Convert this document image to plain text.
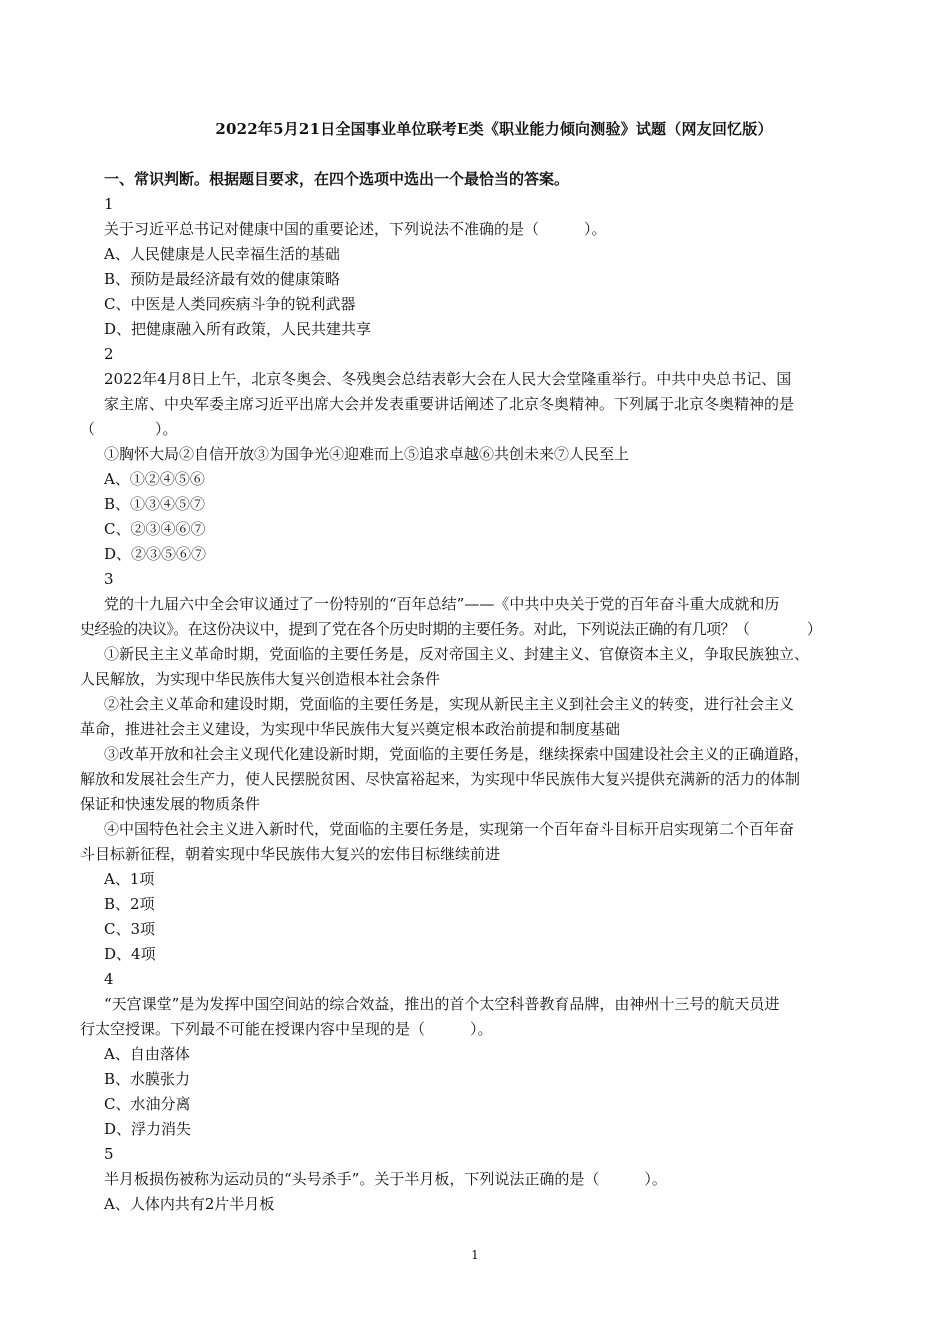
2022年5月21日全国事业单位联考E类《职业能力倾向测验》试题（网友回忆版）
一、常识判断。根据题目要求，在四个选项中选出一个最恰当的答案。
1
关于习近平总书记对健康中国的重要论述，下列说法不准确的是（　　　）。
A、人民健康是人民幸福生活的基础
B、预防是最经济最有效的健康策略
C、中医是人类同疾病斗争的锐利武器
D、把健康融入所有政策，人民共建共享
2
2022年4月8日上午，北京冬奥会、冬残奥会总结表彰大会在人民大会堂隆重举行。中共中央总书记、国
家主席、中央军委主席习近平出席大会并发表重要讲话阐述了北京冬奥精神。下列属于北京冬奥精神的是
（　　　　）。
①胸怀大局②自信开放③为国争光④迎难而上⑤追求卓越⑥共创未来⑦人民至上
A、①②④⑤⑥
B、①③④⑤⑦
C、②③④⑥⑦
D、②③⑤⑥⑦
3
党的十九届六中全会审议通过了一份特别的“百年总结”——《中共中央关于党的百年奋斗重大成就和历
史经验的决议》。在这份决议中，提到了党在各个历史时期的主要任务。对此，下列说法正确的有几项？（　　　　）
①新民主主义革命时期，党面临的主要任务是，反对帝国主义、封建主义、官僚资本主义，争取民族独立、
人民解放，为实现中华民族伟大复兴创造根本社会条件
②社会主义革命和建设时期，党面临的主要任务是，实现从新民主主义到社会主义的转变，进行社会主义
革命，推进社会主义建设，为实现中华民族伟大复兴奠定根本政治前提和制度基础
③改革开放和社会主义现代化建设新时期，党面临的主要任务是，继续探索中国建设社会主义的正确道路，
解放和发展社会生产力，使人民摆脱贫困、尽快富裕起来，为实现中华民族伟大复兴提供充满新的活力的体制
保证和快速发展的物质条件
④中国特色社会主义进入新时代，党面临的主要任务是，实现第一个百年奋斗目标开启实现第二个百年奋
斗目标新征程，朝着实现中华民族伟大复兴的宏伟目标继续前进
A、1项
B、2项
C、3项
D、4项
4
“天宫课堂”是为发挥中国空间站的综合效益，推出的首个太空科普教育品牌，由神州十三号的航天员进
行太空授课。下列最不可能在授课内容中呈现的是（　　　）。
A、自由落体
B、水膜张力
C、水油分离
D、浮力消失
5
半月板损伤被称为运动员的“头号杀手”。关于半月板，下列说法正确的是（　　　）。
A、人体内共有2片半月板
1
